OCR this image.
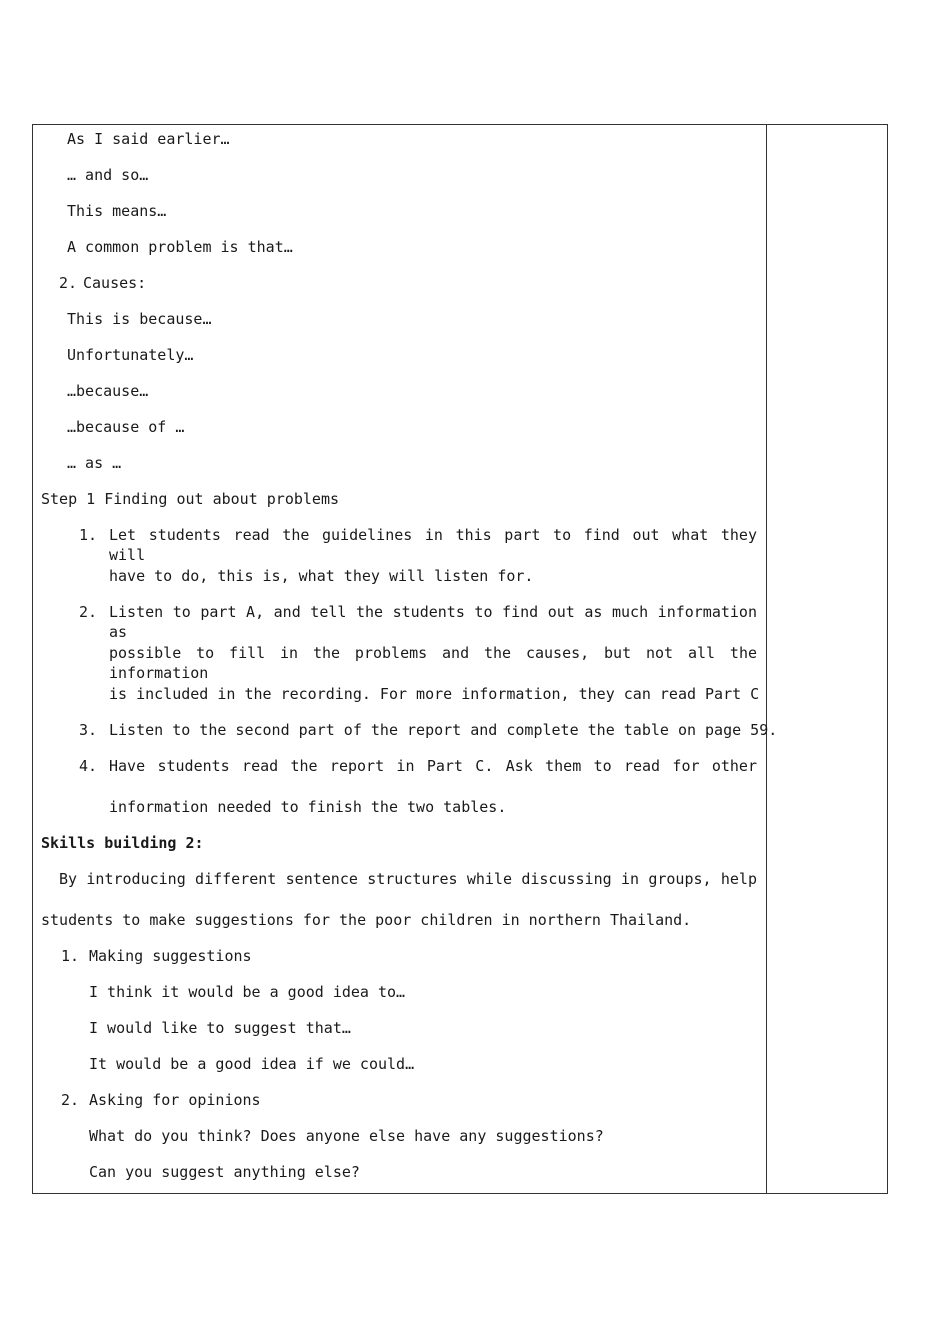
As I said earlier…
… and so…
This means…
A common problem is that…
2. Causes:
This is because…
Unfortunately…
…because…
…because of …
… as …
Step 1 Finding out about problems
1. Let students read the guidelines in this part to find out what they will
have to do, this is, what they will listen for.
2. Listen to part A, and tell the students to find out as much information as
possible to fill in the problems and the causes, but not all the information
is included in the recording. For more information, they can read Part C
3. Listen to the second part of the report and complete the table on page 59.
4. Have students read the report in Part C. Ask them to read for other
information needed to finish the two tables.
Skills building 2:
By introducing different sentence structures while discussing in groups, help
students to make suggestions for the poor children in northern Thailand.
1. Making suggestions
I think it would be a good idea to…
I would like to suggest that…
It would be a good idea if we could…
2. Asking for opinions
What do you think? Does anyone else have any suggestions?
Can you suggest anything else?
